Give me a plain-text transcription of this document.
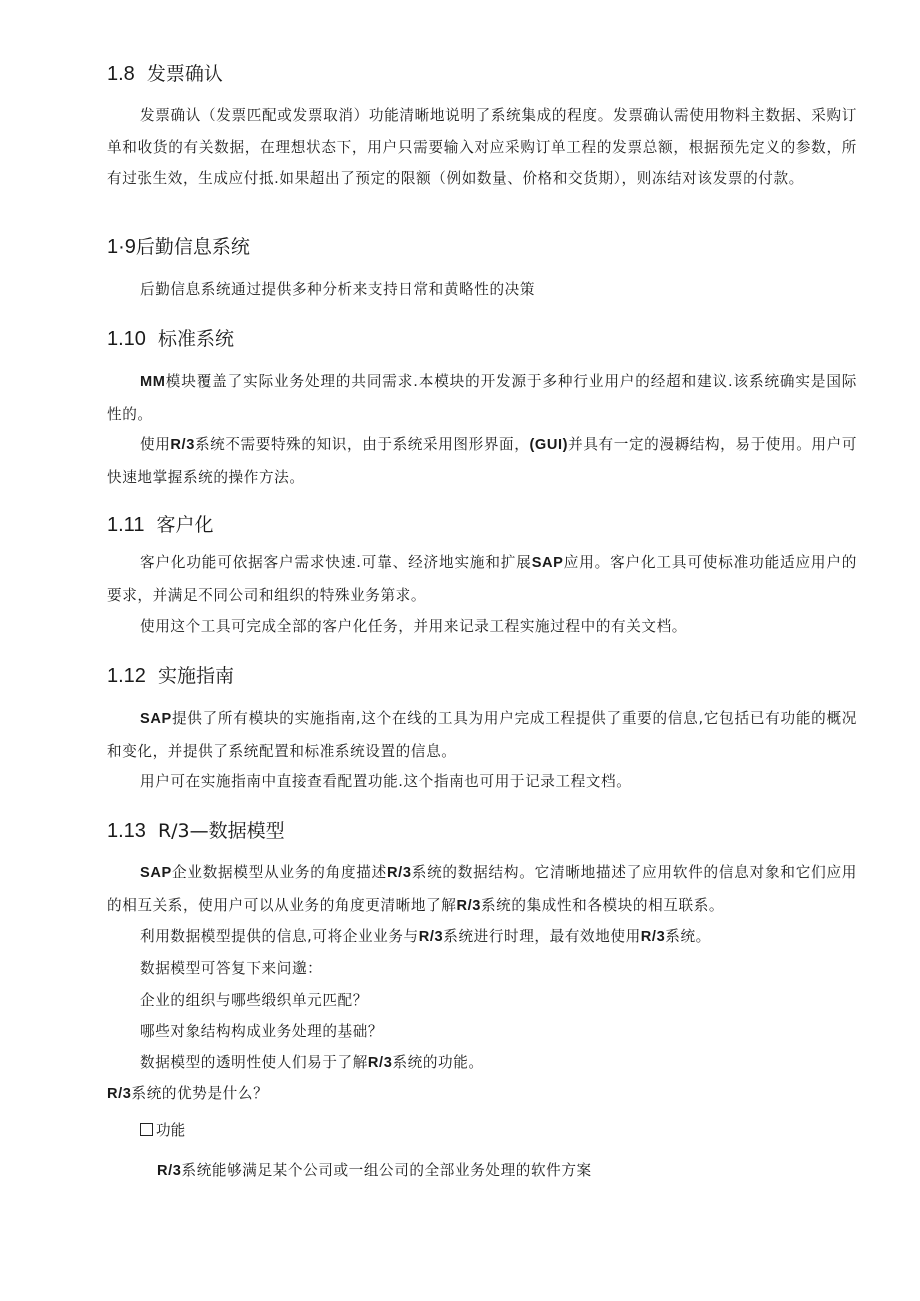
1.8 发票确认
发票确认（发票匹配或发票取消）功能清晰地说明了系统集成的程度。发票确认需使用物料主数据、采购订单和收货的有关数据，在理想状态下，用户只需要输入对应采购订单工程的发票总额，根据预先定义的参数，所有过张生效，生成应付抵.如果超出了预定的限额（例如数量、价格和交货期），则冻结对该发票的付款。
1·9后勤信息系统
后勤信息系统通过提供多种分析来支持日常和黄略性的决策
1.10 标准系统
MM模块覆盖了实际业务处理的共同需求.本模块的开发源于多种行业用户的经超和建议.该系统确实是国际性的。
使用R/3系统不需要特殊的知识，由于系统采用图形界面，(GUI)并具有一定的漫耨结构，易于使用。用户可快速地掌握系统的操作方法。
1.11 客户化
客户化功能可依据客户需求快速.可靠、经济地实施和扩展SAP应用。客户化工具可使标准功能适应用户的要求，并满足不同公司和组织的特殊业务第求。
使用这个工具可完成全部的客户化任务，并用来记录工程实施过程中的有关文档。
1.12 实施指南
SAP提供了所有模块的实施指南,这个在线的工具为用户完成工程提供了重要的信息,它包括已有功能的概况和变化，并提供了系统配置和标准系统设置的信息。
用户可在实施指南中直接查看配置功能.这个指南也可用于记录工程文档。
1.13 R/3—数据模型
SAP企业数据模型从业务的角度描述R/3系统的数据结构。它清晰地描述了应用软件的信息对象和它们应用的相互关系，使用户可以从业务的角度更清晰地了解R/3系统的集成性和各模块的相互联系。
利用数据模型提供的信息,可将企业业务与R/3系统进行时理，最有效地使用R/3系统。
数据模型可答复下来问邈：
企业的组织与哪些缎织单元匹配？
哪些对象结构构成业务处理的基础？
数据模型的透明性使人们易于了解R/3系统的功能。
R/3系统的优势是什么？
功能
R/3系统能够满足某个公司或一组公司的全部业务处理的软件方案
